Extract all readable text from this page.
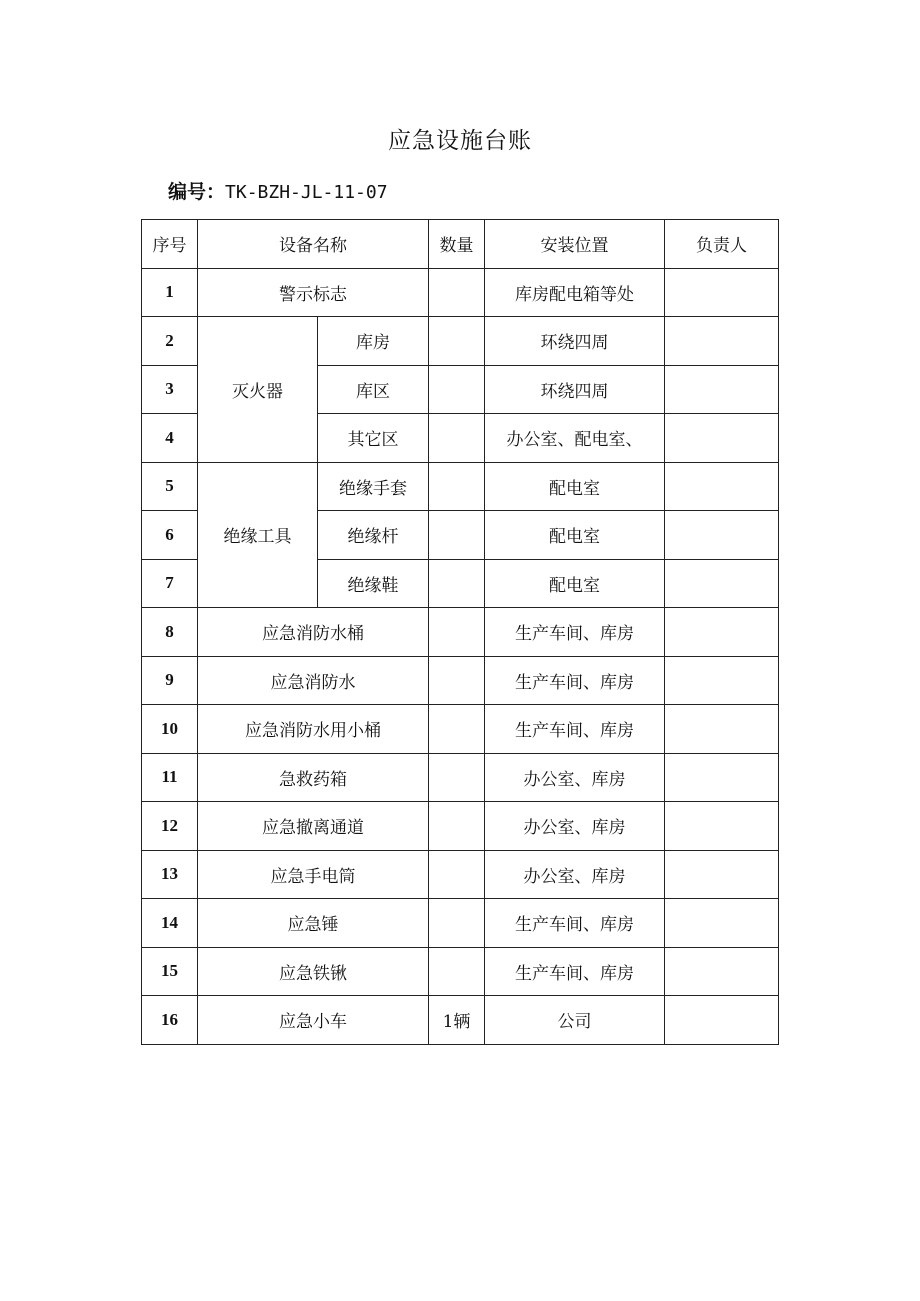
应急设施台账
编号：TK-BZH-JL-11-07
序号	设备名称		数量	安装位置	负责人
1	警示标志			库房配电箱等处	
2	灭火器	库房		环绕四周	
3		库区		环绕四周	
4		其它区		办公室、配电室、	
5	绝缘工具	绝缘手套		配电室	
6		绝缘杆		配电室	
7		绝缘鞋		配电室	
8	应急消防水桶			生产车间、库房	
9	应急消防水			生产车间、库房	
10	应急消防水用小桶			生产车间、库房	
11	急救药箱			办公室、库房	
12	应急撤离通道			办公室、库房	
13	应急手电筒			办公室、库房	
14	应急锤			生产车间、库房	
15	应急铁锹			生产车间、库房	
16	应急小车		1辆	公司	
